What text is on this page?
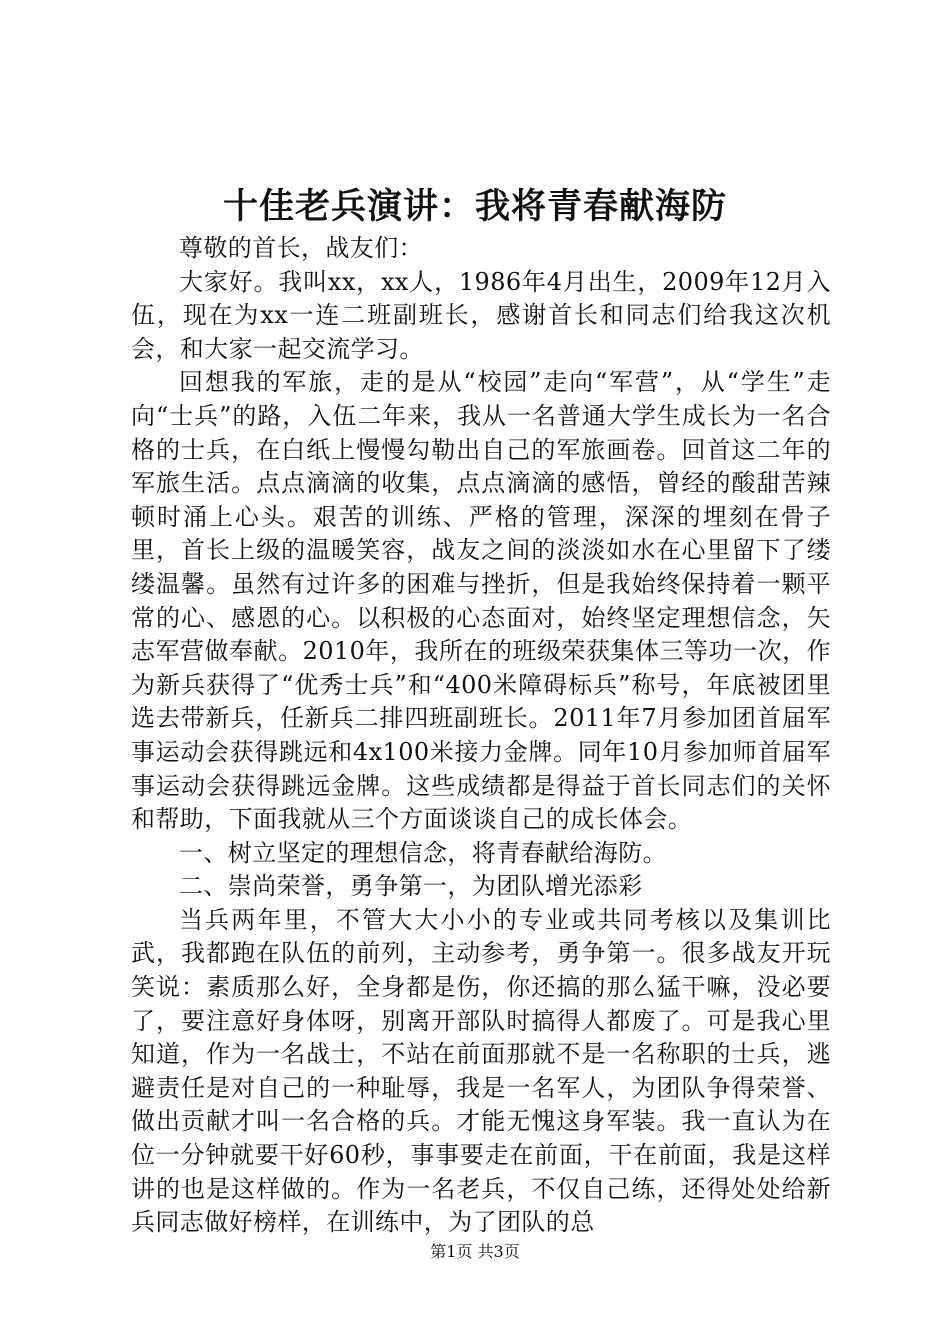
十佳老兵演讲：我将青春献海防

尊敬的首长，战友们：

大家好。我叫xx，xx人，1986年4月出生，2009年12月入伍，现在为xx一连二班副班长，感谢首长和同志们给我这次机会，和大家一起交流学习。

回想我的军旅，走的是从“校园”走向“军营”，从“学生”走向“士兵”的路，入伍二年来，我从一名普通大学生成长为一名合格的士兵，在白纸上慢慢勾勒出自己的军旅画卷。回首这二年的军旅生活。点点滴滴的收集，点点滴滴的感悟，曾经的酸甜苦辣顿时涌上心头。艰苦的训练、严格的管理，深深的埋刻在骨子里，首长上级的温暖笑容，战友之间的淡淡如水在心里留下了缕缕温馨。虽然有过许多的困难与挫折，但是我始终保持着一颗平常的心、感恩的心。以积极的心态面对，始终坚定理想信念，矢志军营做奉献。2010年，我所在的班级荣获集体三等功一次，作为新兵获得了“优秀士兵”和“400米障碍标兵”称号，年底被团里选去带新兵，任新兵二排四班副班长。2011年7月参加团首届军事运动会获得跳远和4x100米接力金牌。同年10月参加师首届军事运动会获得跳远金牌。这些成绩都是得益于首长同志们的关怀和帮助，下面我就从三个方面谈谈自己的成长体会。

一、树立坚定的理想信念，将青春献给海防。

二、崇尚荣誉，勇争第一，为团队增光添彩

当兵两年里，不管大大小小的专业或共同考核以及集训比武，我都跑在队伍的前列，主动参考，勇争第一。很多战友开玩笑说：素质那么好，全身都是伤，你还搞的那么猛干嘛，没必要了，要注意好身体呀，别离开部队时搞得人都废了。可是我心里知道，作为一名战士，不站在前面那就不是一名称职的士兵，逃避责任是对自己的一种耻辱，我是一名军人，为团队争得荣誉、做出贡献才叫一名合格的兵。才能无愧这身军装。我一直认为在位一分钟就要干好60秒，事事要走在前面，干在前面，我是这样讲的也是这样做的。作为一名老兵，不仅自己练，还得处处给新兵同志做好榜样，在训练中，为了团队的总

第1页 共3页
